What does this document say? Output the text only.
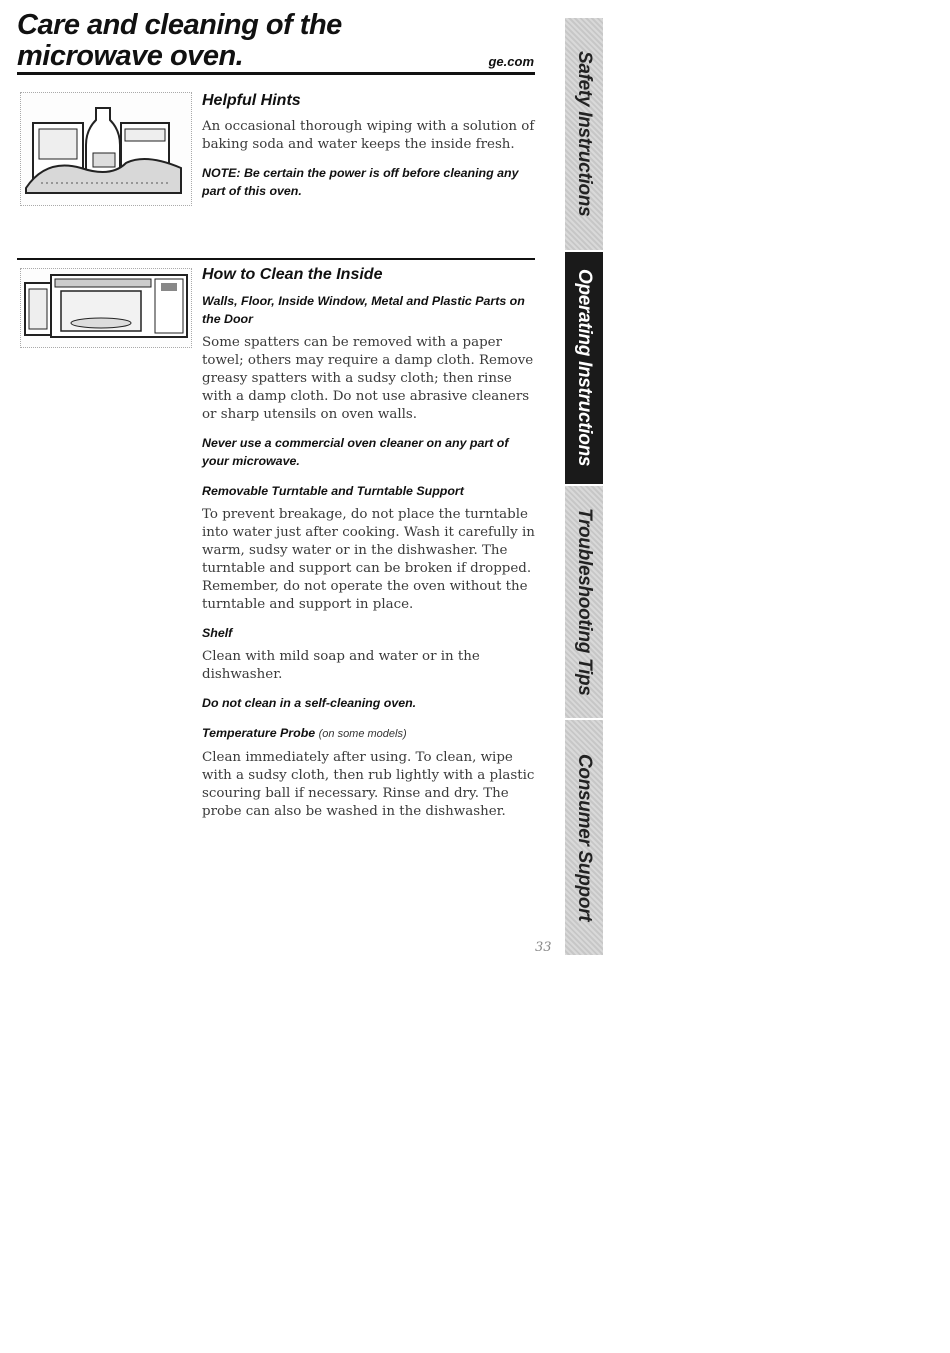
Care and cleaning of the
microwave oven.	ge.com
Helpful Hints

An occasional thorough wiping with a solution of baking soda and water keeps the inside fresh.

NOTE: Be certain the power is off before cleaning any part of this oven.
How to Clean the Inside
Walls, Floor, Inside Window, Metal and Plastic Parts on the Door

Some spatters can be removed with a paper towel; others may require a damp cloth. Remove greasy spatters with a sudsy cloth; then rinse with a damp cloth. Do not use abrasive cleaners or sharp utensils on oven walls.

Never use a commercial oven cleaner on any part of your microwave.
Removable Turntable and Turntable Support

To prevent breakage, do not place the turntable into water just after cooking. Wash it carefully in warm, sudsy water or in the dishwasher. The turntable and support can be broken if dropped. Remember, do not operate the oven without the turntable and support in place.

Shelf

Clean with mild soap and water or in the dishwasher.

Do not clean in a self-cleaning oven.
Temperature Probe (on some models)

Clean immediately after using. To clean, wipe with a sudsy cloth, then rub lightly with a plastic scouring ball if necessary. Rinse and dry. The probe can also be washed in the dishwasher.

Safety Instructions
Operating Instructions
Troubleshooting Tips
Consumer Support
33
